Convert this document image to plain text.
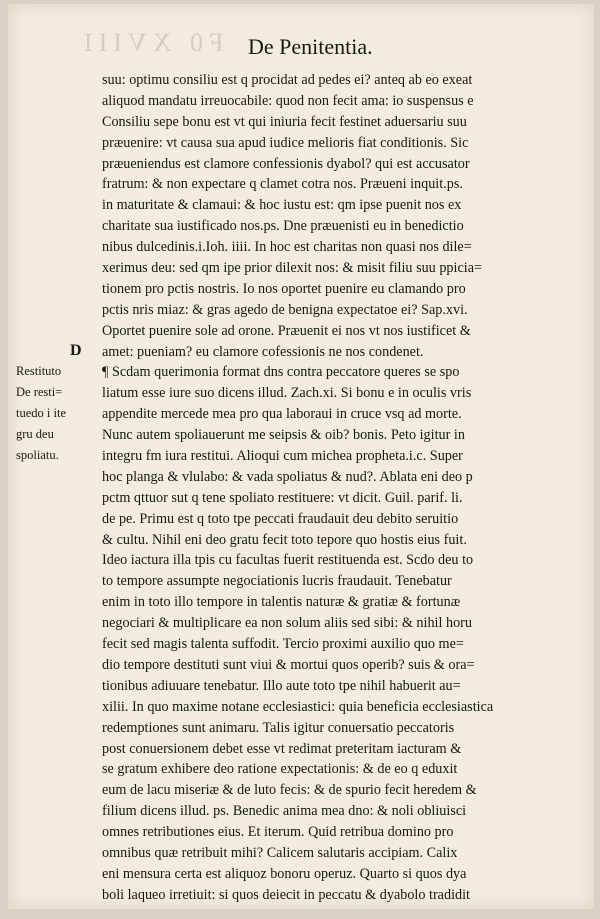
F0 XVIII De Penitentia.
D
Restituto
De resti=
tuedo i ite
gru deu
spoliatu.
suu: optimu consiliu est q procidat ad pedes ei? anteq ab eo exeat
aliquod mandatu irreuocabile: quod non fecit ama: io suspensus e
Consiliu sepe bonu est vt qui iniuria fecit festinet aduersariu suu
præuenire: vt causa sua apud iudice melioris fiat conditionis. Sic
præueniendus est clamore confessionis dyabol? qui est accusator
fratrum: & non expectare q clamet cotra nos. Præueni inquit.ps.
in maturitate & clamaui: & hoc iustu est: qm ipse puenit nos ex
charitate sua iustificado nos.ps. Dne præuenisti eu in benedictio
nibus dulcedinis.i.Ioh. iiii. In hoc est charitas non quasi nos dile=
xerimus deu: sed qm ipe prior dilexit nos: & misit filiu suu ppicia=
tionem pro pctis nostris. Io nos oportet puenire eu clamando pro
pctis nris miaz: & gras agedo de benigna expectatoe ei? Sap.xvi.
Oportet puenire sole ad orone. Præuenit ei nos vt nos iustificet &
amet: pueniam? eu clamore cofessionis ne nos condenet.
¶ Scdam querimonia format dns contra peccatore queres se spo
liatum esse iure suo dicens illud. Zach.xi. Si bonu e in oculis vris
appendite mercede mea pro qua laboraui in cruce vsq ad morte.
Nunc autem spoliauerunt me seipsis & oib? bonis. Peto igitur in
integru fm iura restitui. Alioqui cum michea propheta.i.c. Super
hoc planga & vlulabo: & vada spoliatus & nud?. Ablata eni deo p
pctm qttuor sut q tene spoliato restituere: vt dicit. Guil. parif. li.
de pe. Primu est q toto tpe peccati fraudauit deu debito seruitio
& cultu. Nihil eni deo gratu fecit toto tepore quo hostis eius fuit.
Ideo iactura illa tpis cu facultas fuerit restituenda est. Scdo deu to
to tempore assumpte negociationis lucris fraudauit. Tenebatur
enim in toto illo tempore in talentis naturæ & gratiæ & fortunæ
negociari & multiplicare ea non solum aliis sed sibi: & nihil horu
fecit sed magis talenta suffodit. Tercio proximi auxilio quo me=
dio tempore destituti sunt viui & mortui quos operib? suis & ora=
tionibus adiuuare tenebatur. Illo aute toto tpe nihil habuerit au=
xilii. In quo maxime notane ecclesiastici: quia beneficia ecclesiastica
redemptiones sunt animaru. Talis igitur conuersatio peccatoris
post conuersionem debet esse vt redimat preteritam iacturam &
se gratum exhibere deo ratione expectationis: & de eo q eduxit
eum de lacu miseriæ & de luto fecis: & de spurio fecit heredem &
filium dicens illud. ps. Benedic anima mea dno: & noli obliuisci
omnes retributiones eius. Et iterum. Quid retribua domino pro
omnibus quæ retribuit mihi? Calicem salutaris accipiam. Calix
eni mensura certa est aliquoz bonoru operuz. Quarto si quos dya
boli laqueo irretiuit: si quos deiecit in peccatu & dyabolo tradidit
